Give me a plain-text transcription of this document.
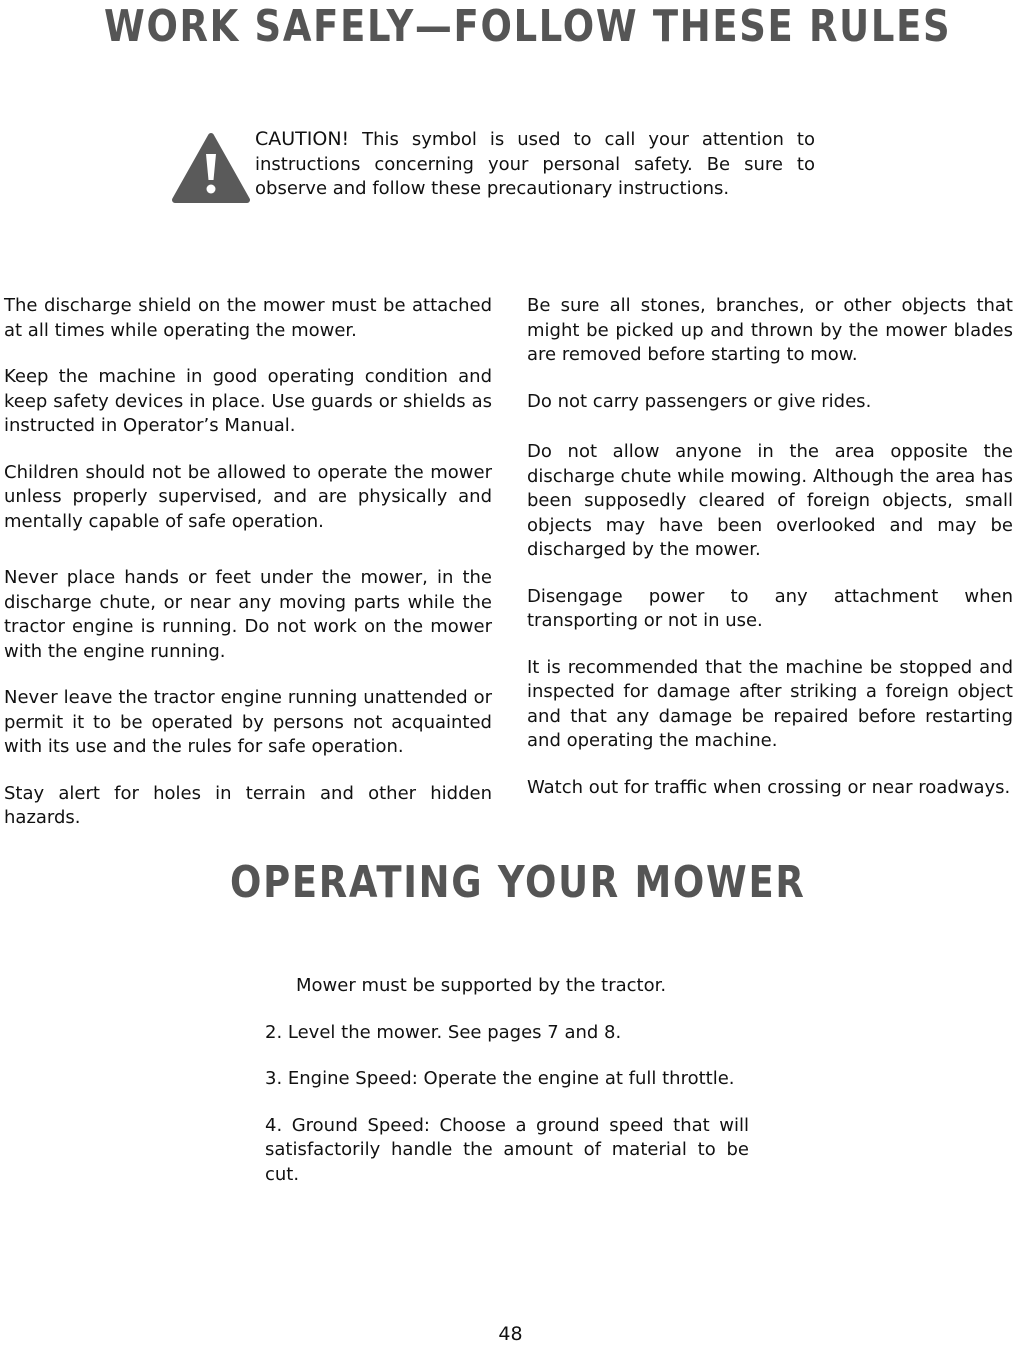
WORK SAFELY—FOLLOW THESE RULES

CAUTION! This symbol is used to call your attention to instructions concerning your personal safety. Be sure to observe and follow these precautionary instructions.

The discharge shield on the mower must be attached at all times while operating the mower.

Keep the machine in good operating condition and keep safety devices in place. Use guards or shields as instructed in Operator’s Manual.

Children should not be allowed to operate the mower unless properly supervised, and are physically and mentally capable of safe operation.

Never place hands or feet under the mower, in the discharge chute, or near any moving parts while the tractor engine is running. Do not work on the mower with the engine running.

Never leave the tractor engine running unattended or permit it to be operated by persons not acquainted with its use and the rules for safe operation.

Stay alert for holes in terrain and other hidden hazards.

Be sure all stones, branches, or other objects that might be picked up and thrown by the mower blades are removed before starting to mow.

Do not carry passengers or give rides.

Do not allow anyone in the area opposite the discharge chute while mowing. Although the area has been supposedly cleared of foreign objects, small objects may have been overlooked and may be discharged by the mower.

Disengage power to any attachment when transporting or not in use.

It is recommended that the machine be stopped and inspected for damage after striking a foreign object and that any damage be repaired before restarting and operating the machine.

Watch out for traffic when crossing or near roadways.

OPERATING YOUR MOWER

Mower must be supported by the tractor.

2. Level the mower. See pages 7 and 8.

3. Engine Speed: Operate the engine at full throttle.

4. Ground Speed: Choose a ground speed that will satisfactorily handle the amount of material to be cut.

48
